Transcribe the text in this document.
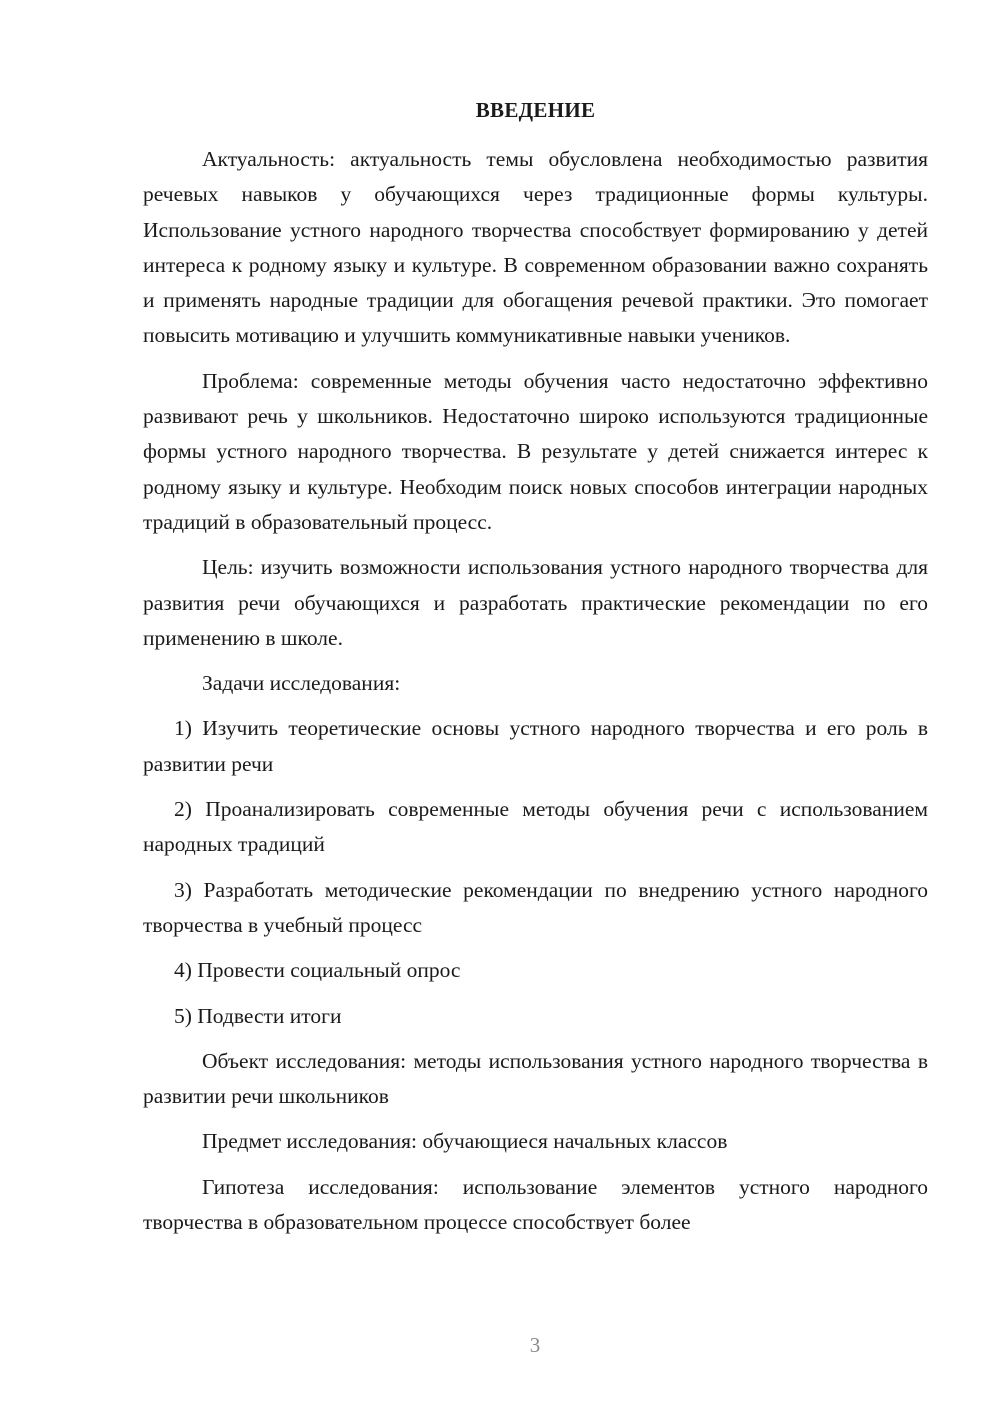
ВВЕДЕНИЕ

Актуальность: актуальность темы обусловлена необходимостью развития речевых навыков у обучающихся через традиционные формы культуры. Использование устного народного творчества способствует формированию у детей интереса к родному языку и культуре. В современном образовании важно сохранять и применять народные традиции для обогащения речевой практики. Это помогает повысить мотивацию и улучшить коммуникативные навыки учеников.

Проблема: современные методы обучения часто недостаточно эффективно развивают речь у школьников. Недостаточно широко используются традиционные формы устного народного творчества. В результате у детей снижается интерес к родному языку и культуре. Необходим поиск новых способов интеграции народных традиций в образовательный процесс.

Цель: изучить возможности использования устного народного творчества для развития речи обучающихся и разработать практические рекомендации по его применению в школе.

Задачи исследования:

1) Изучить теоретические основы устного народного творчества и его роль в развитии речи

2) Проанализировать современные методы обучения речи с использованием народных традиций

3) Разработать методические рекомендации по внедрению устного народного творчества в учебный процесс

4) Провести социальный опрос

5) Подвести итоги

Объект исследования: методы использования устного народного творчества в развитии речи школьников

Предмет исследования: обучающиеся начальных классов

Гипотеза исследования: использование элементов устного народного творчества в образовательном процессе способствует более

3
